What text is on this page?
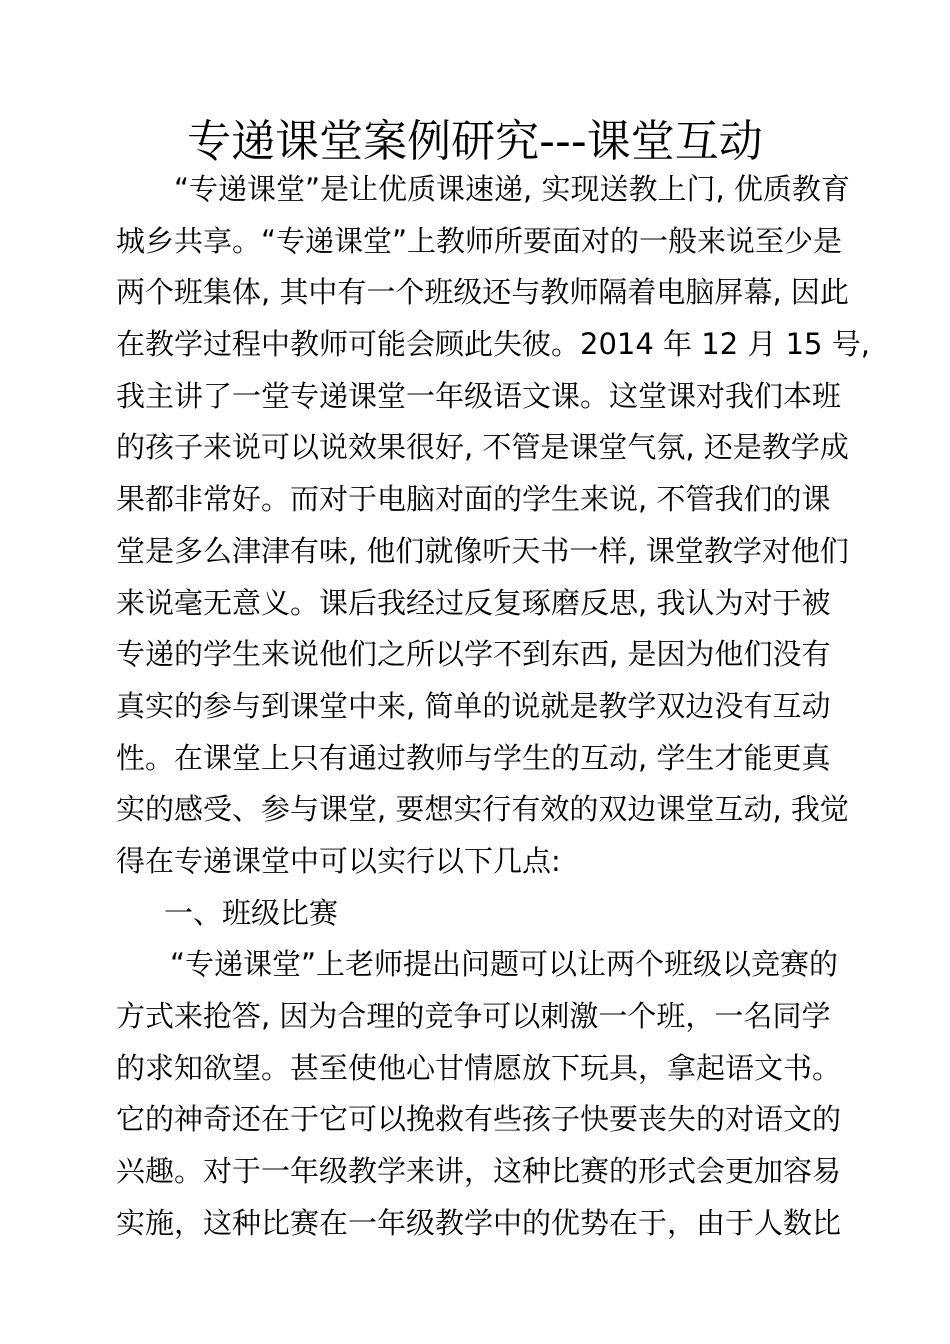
专递课堂案例研究---课堂互动
“专递课堂”是让优质课速递, 实现送教上门, 优质教育
城乡共享。“专递课堂”上教师所要面对的一般来说至少是
两个班集体, 其中有一个班级还与教师隔着电脑屏幕, 因此
在教学过程中教师可能会顾此失彼。2014 年 12 月 15 号,
我主讲了一堂专递课堂一年级语文课。这堂课对我们本班
的孩子来说可以说效果很好, 不管是课堂气氛, 还是教学成
果都非常好。而对于电脑对面的学生来说, 不管我们的课
堂是多么津津有味, 他们就像听天书一样, 课堂教学对他们
来说毫无意义。课后我经过反复琢磨反思, 我认为对于被
专递的学生来说他们之所以学不到东西, 是因为他们没有
真实的参与到课堂中来, 简单的说就是教学双边没有互动
性。在课堂上只有通过教师与学生的互动, 学生才能更真
实的感受、参与课堂, 要想实行有效的双边课堂互动, 我觉
得在专递课堂中可以实行以下几点:
一、班级比赛
“专递课堂”上老师提出问题可以让两个班级以竞赛的
方式来抢答, 因为合理的竞争可以刺激一个班，一名同学
的求知欲望。甚至使他心甘情愿放下玩具，拿起语文书。
它的神奇还在于它可以挽救有些孩子快要丧失的对语文的
兴趣。对于一年级教学来讲，这种比赛的形式会更加容易
实施，这种比赛在一年级教学中的优势在于，由于人数比
